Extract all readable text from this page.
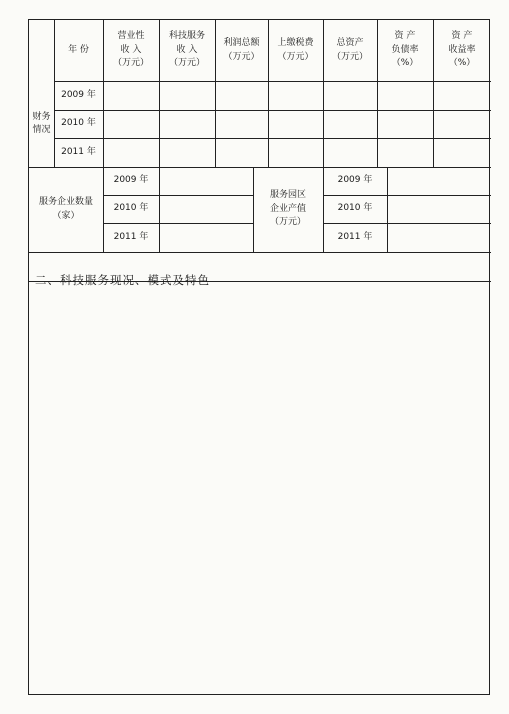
财务
情况
年 份
营业性
收 入
（万元）
科技服务
收 入
（万元）
利润总额
（万元）
上缴税费
（万元）
总资产
（万元）
资 产
负债率
（%）
资 产
收益率
（%）
2009 年
2010 年
2011 年
服务企业数量
（家）
2009 年
2010 年
2011 年
服务园区
企业产值
（万元）
2009 年
2010 年
2011 年
二、科技服务现况、模式及特色
